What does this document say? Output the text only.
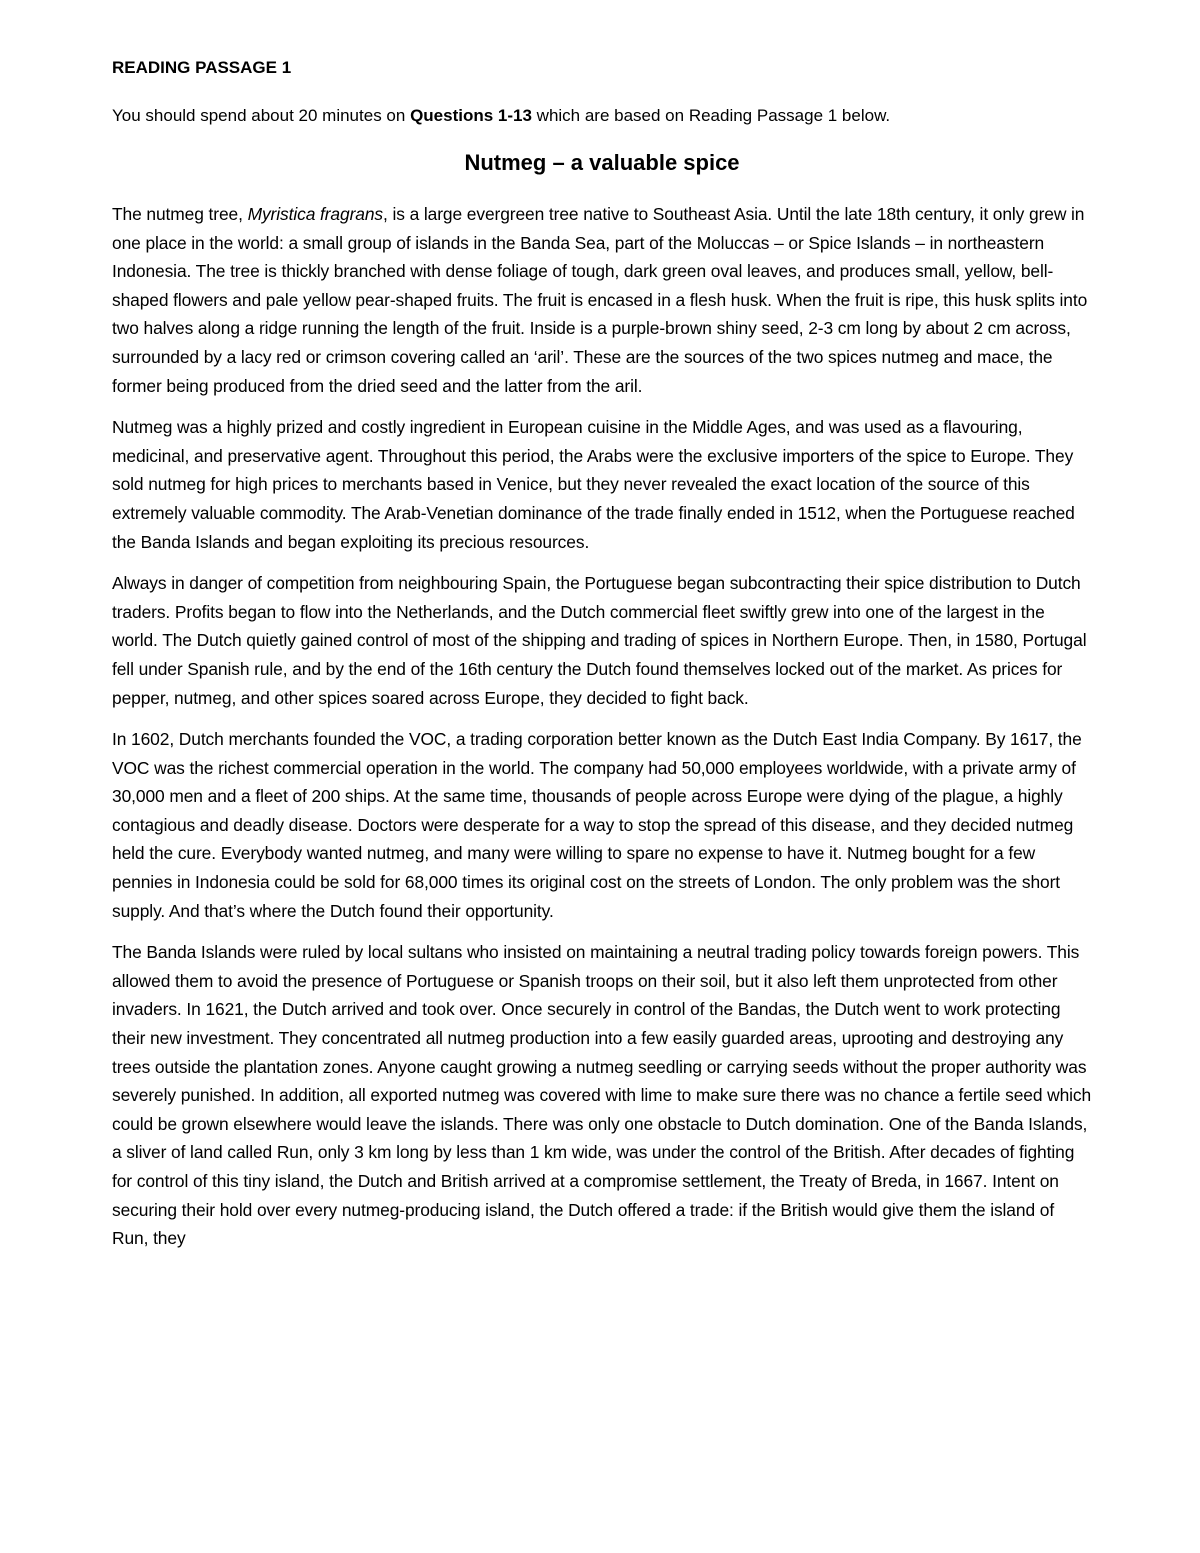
READING PASSAGE 1
You should spend about 20 minutes on Questions 1-13 which are based on Reading Passage 1 below.
Nutmeg – a valuable spice

The nutmeg tree, Myristica fragrans, is a large evergreen tree native to Southeast Asia. Until the late 18th century, it only grew in one place in the world: a small group of islands in the Banda Sea, part of the Moluccas – or Spice Islands – in northeastern Indonesia. The tree is thickly branched with dense foliage of tough, dark green oval leaves, and produces small, yellow, bell-shaped flowers and pale yellow pear-shaped fruits. The fruit is encased in a flesh husk. When the fruit is ripe, this husk splits into two halves along a ridge running the length of the fruit. Inside is a purple-brown shiny seed, 2-3 cm long by about 2 cm across, surrounded by a lacy red or crimson covering called an ‘aril’. These are the sources of the two spices nutmeg and mace, the former being produced from the dried seed and the latter from the aril.

Nutmeg was a highly prized and costly ingredient in European cuisine in the Middle Ages, and was used as a flavouring, medicinal, and preservative agent. Throughout this period, the Arabs were the exclusive importers of the spice to Europe. They sold nutmeg for high prices to merchants based in Venice, but they never revealed the exact location of the source of this extremely valuable commodity. The Arab-Venetian dominance of the trade finally ended in 1512, when the Portuguese reached the Banda Islands and began exploiting its precious resources.

Always in danger of competition from neighbouring Spain, the Portuguese began subcontracting their spice distribution to Dutch traders. Profits began to flow into the Netherlands, and the Dutch commercial fleet swiftly grew into one of the largest in the world. The Dutch quietly gained control of most of the shipping and trading of spices in Northern Europe. Then, in 1580, Portugal fell under Spanish rule, and by the end of the 16th century the Dutch found themselves locked out of the market. As prices for pepper, nutmeg, and other spices soared across Europe, they decided to fight back.

In 1602, Dutch merchants founded the VOC, a trading corporation better known as the Dutch East India Company. By 1617, the VOC was the richest commercial operation in the world. The company had 50,000 employees worldwide, with a private army of 30,000 men and a fleet of 200 ships. At the same time, thousands of people across Europe were dying of the plague, a highly contagious and deadly disease. Doctors were desperate for a way to stop the spread of this disease, and they decided nutmeg held the cure. Everybody wanted nutmeg, and many were willing to spare no expense to have it. Nutmeg bought for a few pennies in Indonesia could be sold for 68,000 times its original cost on the streets of London. The only problem was the short supply. And that’s where the Dutch found their opportunity.

The Banda Islands were ruled by local sultans who insisted on maintaining a neutral trading policy towards foreign powers. This allowed them to avoid the presence of Portuguese or Spanish troops on their soil, but it also left them unprotected from other invaders. In 1621, the Dutch arrived and took over. Once securely in control of the Bandas, the Dutch went to work protecting their new investment. They concentrated all nutmeg production into a few easily guarded areas, uprooting and destroying any trees outside the plantation zones. Anyone caught growing a nutmeg seedling or carrying seeds without the proper authority was severely punished. In addition, all exported nutmeg was covered with lime to make sure there was no chance a fertile seed which could be grown elsewhere would leave the islands. There was only one obstacle to Dutch domination. One of the Banda Islands, a sliver of land called Run, only 3 km long by less than 1 km wide, was under the control of the British. After decades of fighting for control of this tiny island, the Dutch and British arrived at a compromise settlement, the Treaty of Breda, in 1667. Intent on securing their hold over every nutmeg-producing island, the Dutch offered a trade: if the British would give them the island of Run, they
